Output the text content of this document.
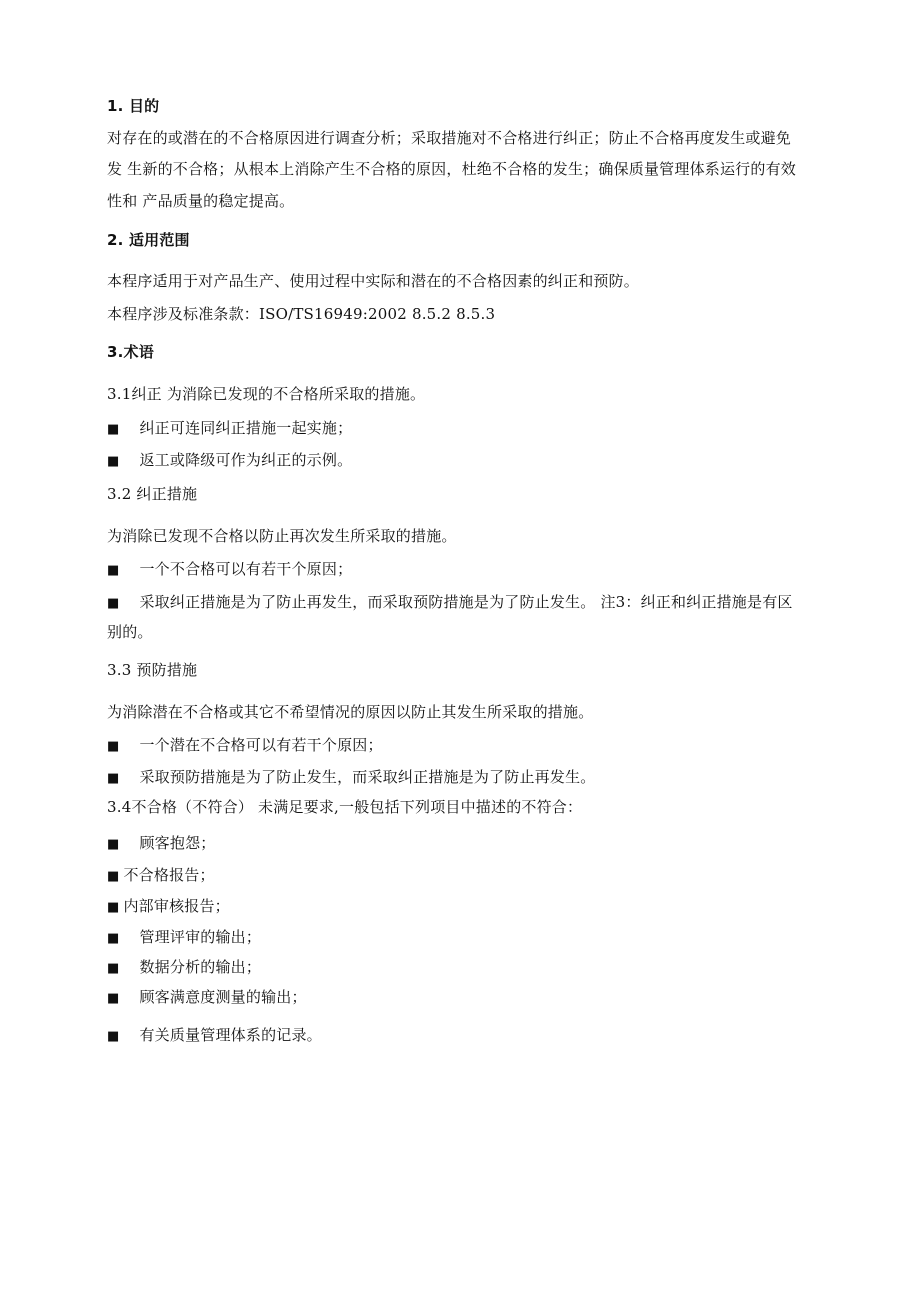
1. 目的
对存在的或潜在的不合格原因进行调查分析；采取措施对不合格进行纠正；防止不合格再度发生或避免
发 生新的不合格；从根本上消除产生不合格的原因，杜绝不合格的发生；确保质量管理体系运行的有效
性和 产品质量的稳定提高。
2. 适用范围
本程序适用于对产品生产、使用过程中实际和潜在的不合格因素的纠正和预防。
本程序涉及标准条款：ISO/TS16949:2002 8.5.2 8.5.3
3.术语
3.1纠正 为消除已发现的不合格所采取的措施。
■ 纠正可连同纠正措施一起实施；
■ 返工或降级可作为纠正的示例。
3.2 纠正措施
为消除已发现不合格以防止再次发生所采取的措施。
■ 一个不合格可以有若干个原因；
■ 采取纠正措施是为了防止再发生，而采取预防措施是为了防止发生。 注3：纠正和纠正措施是有区
别的。
3.3 预防措施
为消除潜在不合格或其它不希望情况的原因以防止其发生所采取的措施。
■ 一个潜在不合格可以有若干个原因；
■ 采取预防措施是为了防止发生，而采取纠正措施是为了防止再发生。
3.4不合格（不符合） 未满足要求,一般包括下列项目中描述的不符合：
■ 顾客抱怨；
■ 不合格报告；
■ 内部审核报告；
■ 管理评审的输出；
■ 数据分析的输出；
■ 顾客满意度测量的输出；
■ 有关质量管理体系的记录。
